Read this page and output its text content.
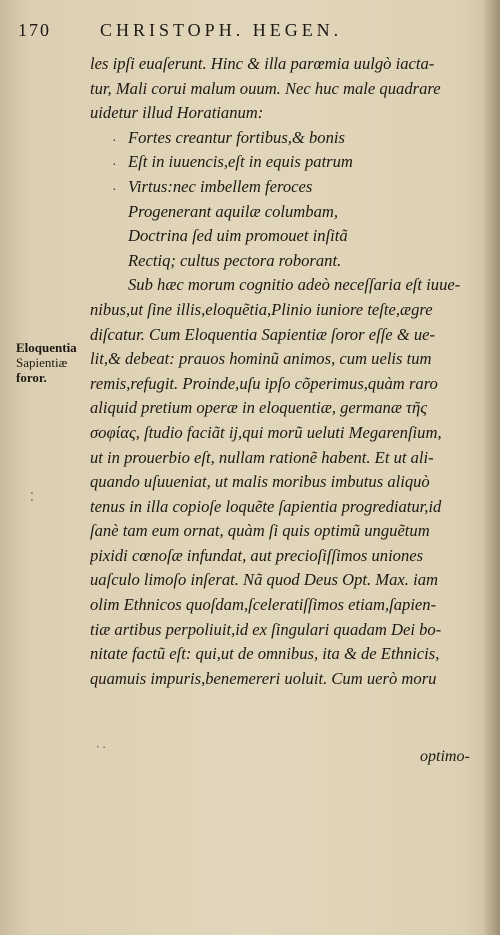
170	CHRISTOPH. HEGEN.
Eloquentia
Sapientiæ
foror.
·
·
·
⁚
ᐧ ·
les ipſi euaſerunt. Hinc & illa parœmia uulgò iacta-
tur, Mali corui malum ouum. Nec huc male quadrare
uidetur illud Horatianum:
Fortes creantur fortibus,& bonis
Eſt in iuuencis,eſt in equis patrum
Virtus:nec imbellem feroces
Progenerant aquilæ columbam,
Doctrina ſed uim promouet inſitã
Rectiq; cultus pectora roborant.
Sub hæc morum cognitio adeò neceſſaria eſt iuue-
nibus,ut ſine illis,eloquẽtia,Plinio iuniore teſte,ægre
diſcatur. Cum Eloquentia Sapientiæ ſoror eſſe & ue-
lit,& debeat: prauos hominũ animos, cum uelis tum
remis,refugit. Proinde,uſu ipſo cõperimus,quàm raro
aliquid pretium operæ in eloquentiæ, germanæ τῆς
σοφίας, ſtudio faciãt ij,qui morũ ueluti Megarenſium,
ut in prouerbio eſt, nullam rationẽ habent. Et ut ali-
quando uſuueniat, ut malis moribus imbutus aliquò
tenus in illa copioſe loquẽte ſapientia progrediatur,id
ſanè tam eum ornat, quàm ſi quis optimũ unguẽtum
pixidi cœnoſæ infundat, aut precioſiſſimos uniones
uaſculo limoſo inſerat. Nã quod Deus Opt. Max. iam
olim Ethnicos quoſdam,ſceleratiſſimos etiam,ſapien-
tiæ artibus perpoliuit,id ex ſingulari quadam Dei bo-
nitate factũ eſt: qui,ut de omnibus, ita & de Ethnicis,
quamuis impuris,benemereri uoluit. Cum uerò moru
optimo-
